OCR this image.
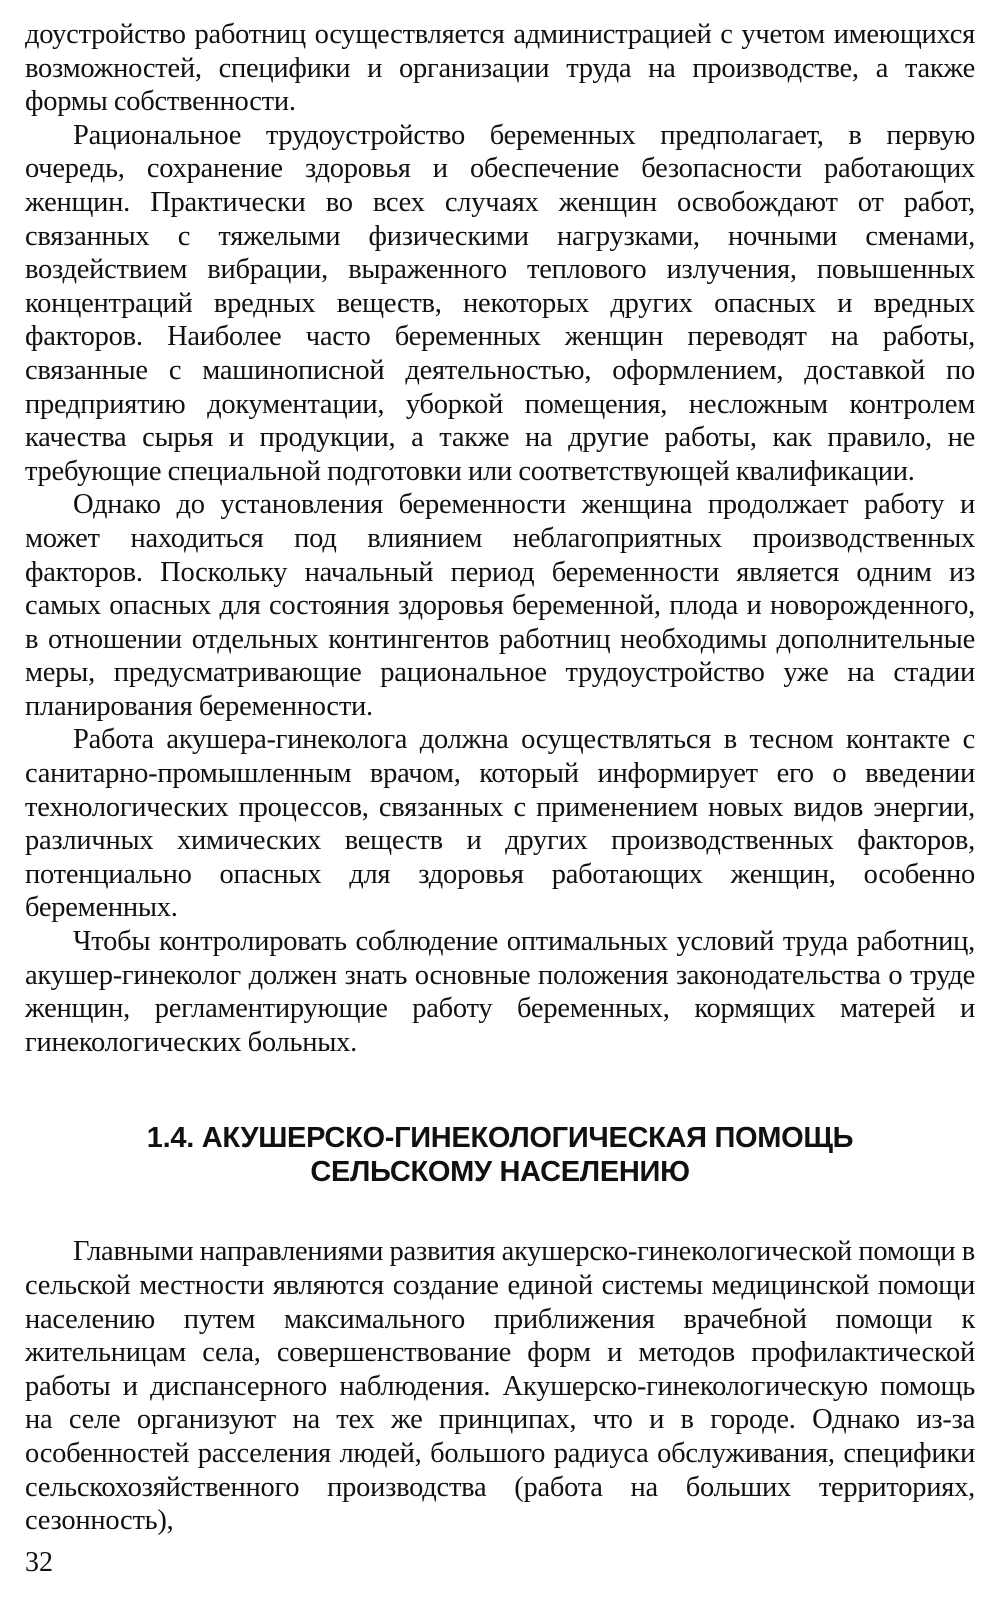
доустройство работниц осуществляется администрацией с учетом имеющихся возможностей, специфики и организации труда на производстве, а также формы собственности.

Рациональное трудоустройство беременных предполагает, в первую очередь, сохранение здоровья и обеспечение безопасности работающих женщин. Практически во всех случаях женщин освобождают от работ, связанных с тяжелыми физическими нагрузками, ночными сменами, воздействием вибрации, выраженного теплового излучения, повышенных концентраций вредных веществ, некоторых других опасных и вредных факторов. Наиболее часто беременных женщин переводят на работы, связанные с машинописной деятельностью, оформлением, доставкой по предприятию документации, уборкой помещения, несложным контролем качества сырья и продукции, а также на другие работы, как правило, не требующие специальной подготовки или соответствующей квалификации.

Однако до установления беременности женщина продолжает работу и может находиться под влиянием неблагоприятных производственных факторов. Поскольку начальный период беременности является одним из самых опасных для состояния здоровья беременной, плода и новорожденного, в отношении отдельных контингентов работниц необходимы дополнительные меры, предусматривающие рациональное трудоустройство уже на стадии планирования беременности.

Работа акушера-гинеколога должна осуществляться в тесном контакте с санитарно-промышленным врачом, который информирует его о введении технологических процессов, связанных с применением новых видов энергии, различных химических веществ и других производственных факторов, потенциально опасных для здоровья работающих женщин, особенно беременных.

Чтобы контролировать соблюдение оптимальных условий труда работниц, акушер-гинеколог должен знать основные положения законодательства о труде женщин, регламентирующие работу беременных, кормящих матерей и гинекологических больных.

1.4. АКУШЕРСКО-ГИНЕКОЛОГИЧЕСКАЯ ПОМОЩЬ
СЕЛЬСКОМУ НАСЕЛЕНИЮ

Главными направлениями развития акушерско-гинекологической помощи в сельской местности являются создание единой системы медицинской помощи населению путем максимального приближения врачебной помощи к жительницам села, совершенствование форм и методов профилактической работы и диспансерного наблюдения. Акушерско-гинекологическую помощь на селе организуют на тех же принципах, что и в городе. Однако из-за особенностей расселения людей, большого радиуса обслуживания, специфики сельскохозяйственного производства (работа на больших территориях, сезонность),

32
